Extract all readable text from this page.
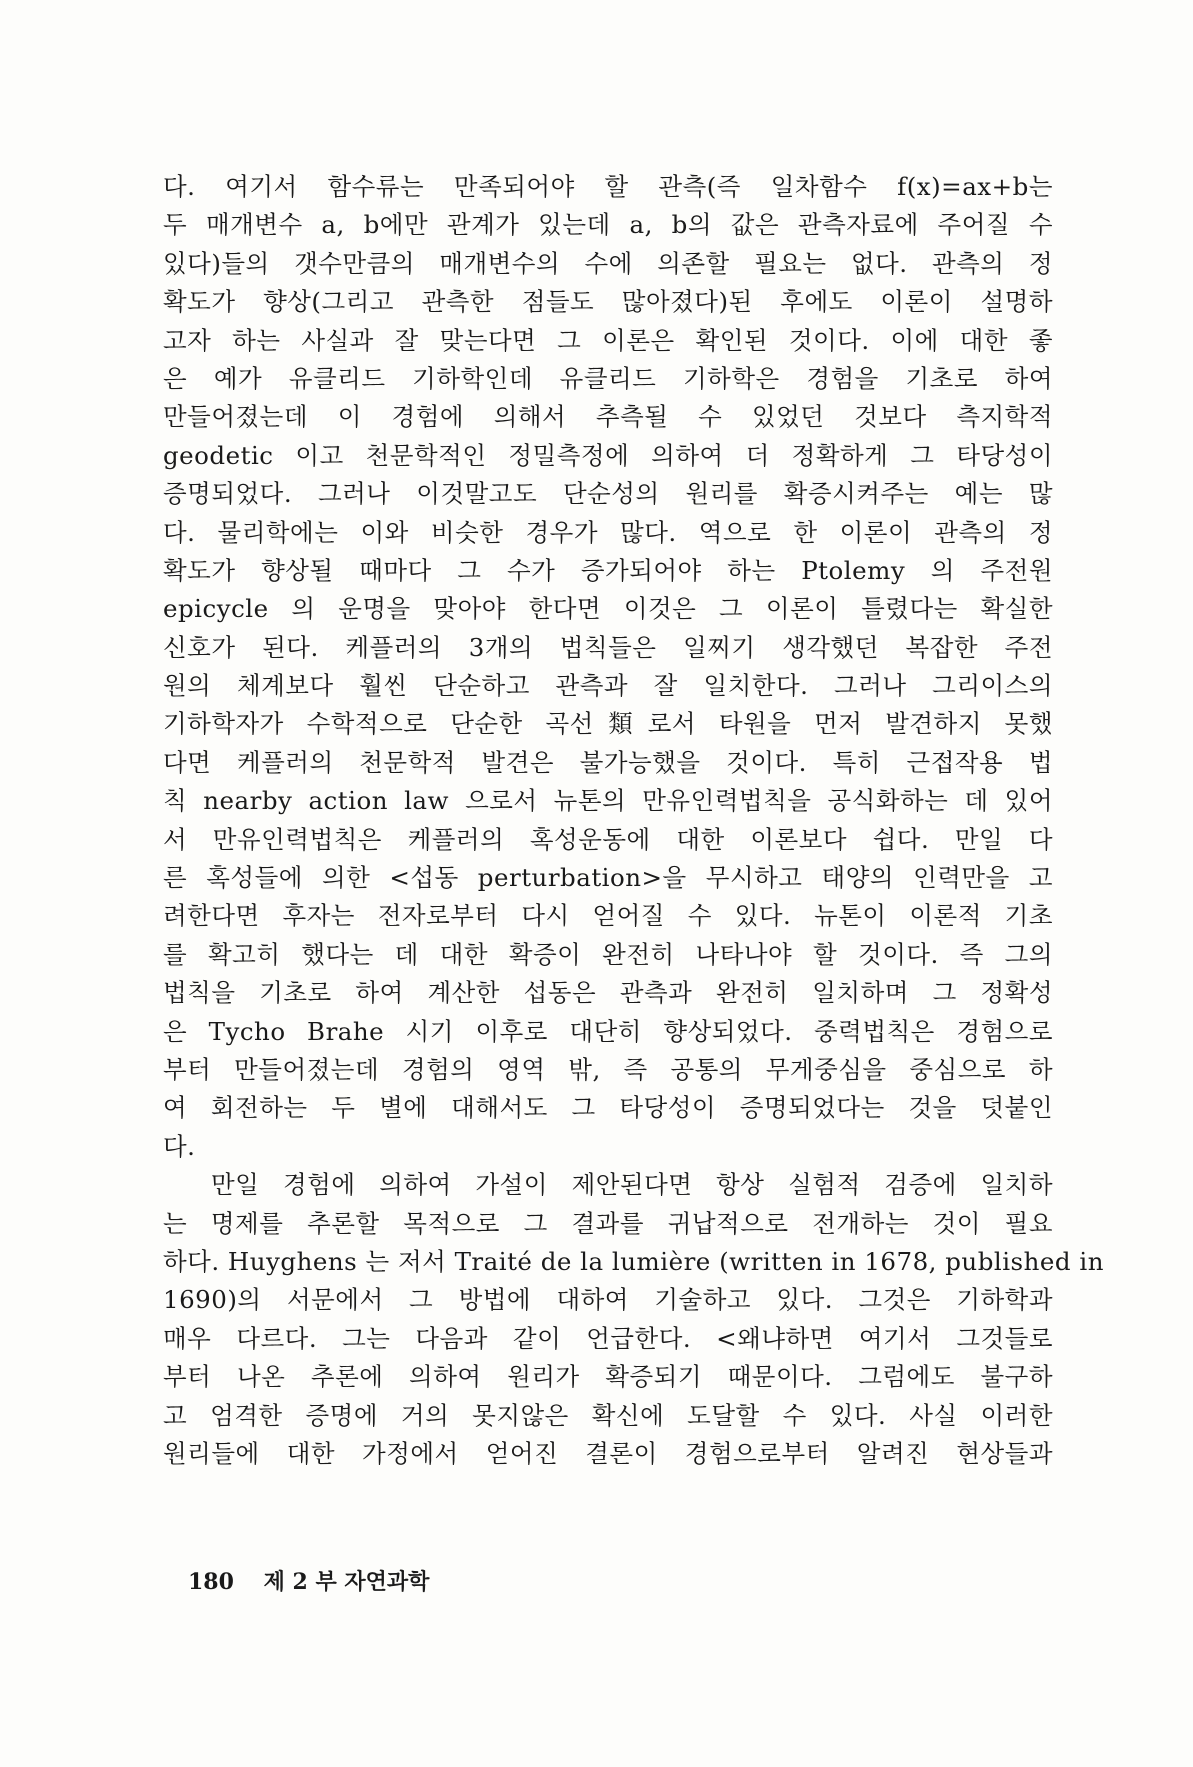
다. 여기서 함수류는 만족되어야 할 관측(즉 일차함수 f(x)=ax+b는
두 매개변수 a, b에만 관계가 있는데 a, b의 값은 관측자료에 주어질 수
있다)들의 갯수만큼의 매개변수의 수에 의존할 필요는 없다. 관측의 정
확도가 향상(그리고 관측한 점들도 많아졌다)된 후에도 이론이 설명하
고자 하는 사실과 잘 맞는다면 그 이론은 확인된 것이다. 이에 대한 좋
은 예가 유클리드 기하학인데 유클리드 기하학은 경험을 기초로 하여
만들어졌는데 이 경험에 의해서 추측될 수 있었던 것보다 측지학적
geodetic 이고 천문학적인 정밀측정에 의하여 더 정확하게 그 타당성이
증명되었다. 그러나 이것말고도 단순성의 원리를 확증시켜주는 예는 많
다. 물리학에는 이와 비슷한 경우가 많다. 역으로 한 이론이 관측의 정
확도가 향상될 때마다 그 수가 증가되어야 하는 Ptolemy 의 주전원
epicycle 의 운명을 맞아야 한다면 이것은 그 이론이 틀렸다는 확실한
신호가 된다. 케플러의 3개의 법칙들은 일찌기 생각했던 복잡한 주전
원의 체계보다 훨씬 단순하고 관측과 잘 일치한다. 그러나 그리이스의
기하학자가 수학적으로 단순한 곡선類로서 타원을 먼저 발견하지 못했
다면 케플러의 천문학적 발견은 불가능했을 것이다. 특히 근접작용 법
칙 nearby action law 으로서 뉴톤의 만유인력법칙을 공식화하는 데 있어
서 만유인력법칙은 케플러의 혹성운동에 대한 이론보다 쉽다. 만일 다
른 혹성들에 의한 <섭동 perturbation>을 무시하고 태양의 인력만을 고
려한다면 후자는 전자로부터 다시 얻어질 수 있다. 뉴톤이 이론적 기초
를 확고히 했다는 데 대한 확증이 완전히 나타나야 할 것이다. 즉 그의
법칙을 기초로 하여 계산한 섭동은 관측과 완전히 일치하며 그 정확성
은 Tycho Brahe 시기 이후로 대단히 향상되었다. 중력법칙은 경험으로
부터 만들어졌는데 경험의 영역 밖, 즉 공통의 무게중심을 중심으로 하
여 회전하는 두 별에 대해서도 그 타당성이 증명되었다는 것을 덧붙인
다.
만일 경험에 의하여 가설이 제안된다면 항상 실험적 검증에 일치하
는 명제를 추론할 목적으로 그 결과를 귀납적으로 전개하는 것이 필요
하다. Huyghens 는 저서 Traité de la lumière (written in 1678, published in
1690)의 서문에서 그 방법에 대하여 기술하고 있다. 그것은 기하학과
매우 다르다. 그는 다음과 같이 언급한다. <왜냐하면 여기서 그것들로
부터 나온 추론에 의하여 원리가 확증되기 때문이다. 그럼에도 불구하
고 엄격한 증명에 거의 못지않은 확신에 도달할 수 있다. 사실 이러한
원리들에 대한 가정에서 얻어진 결론이 경험으로부터 알려진 현상들과
180 제 2 부 자연과학
